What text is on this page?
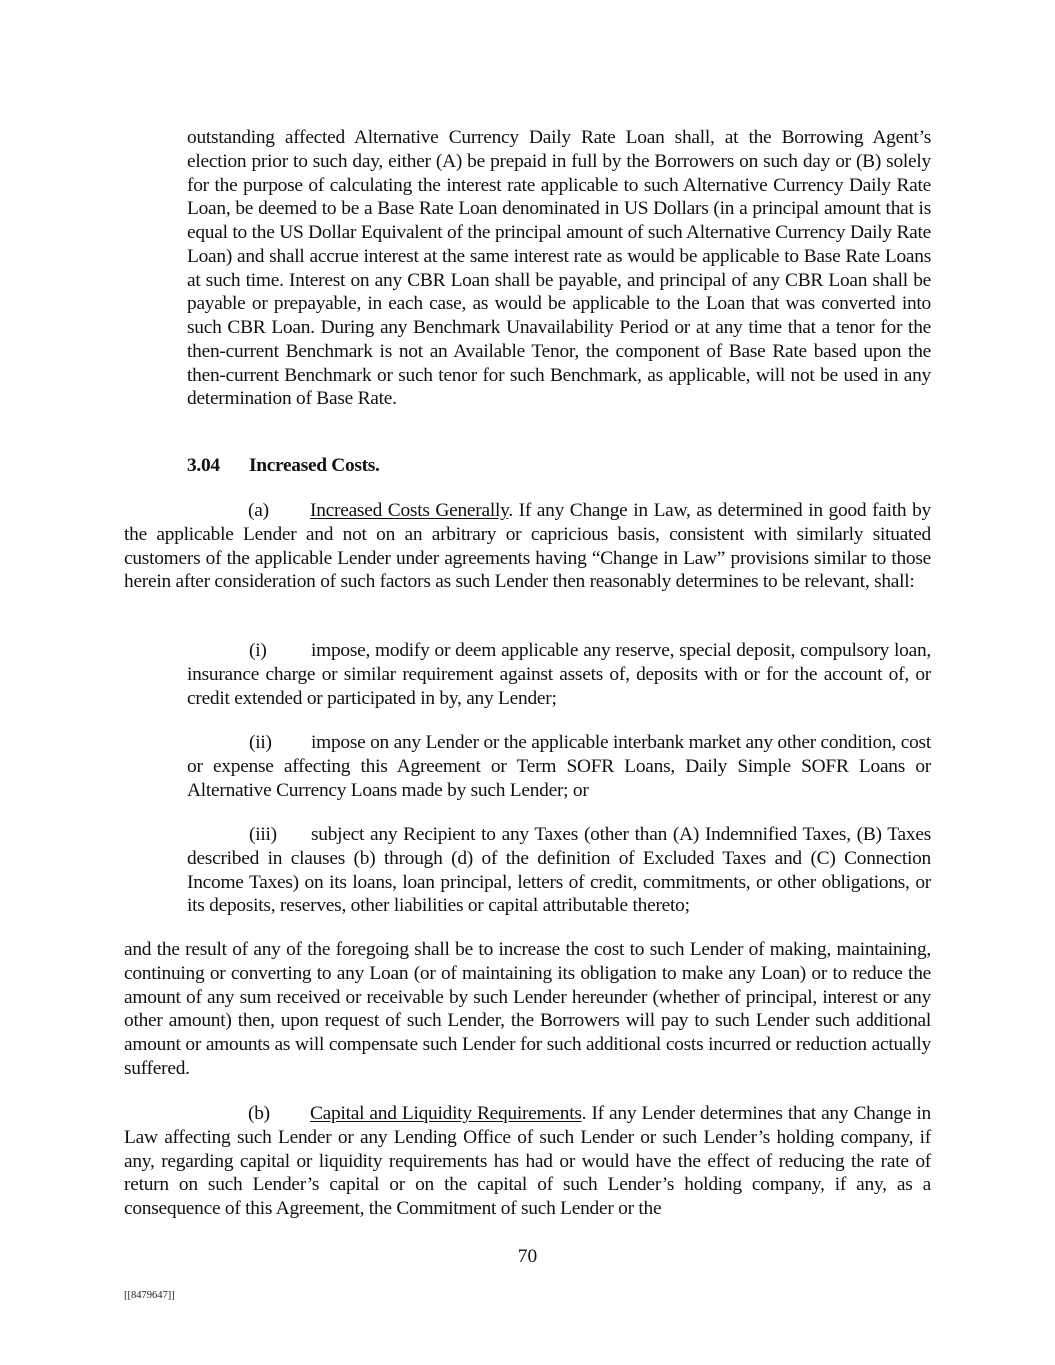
outstanding affected Alternative Currency Daily Rate Loan shall, at the Borrowing Agent’s election prior to such day, either (A) be prepaid in full by the Borrowers on such day or (B) solely for the purpose of calculating the interest rate applicable to such Alternative Currency Daily Rate Loan, be deemed to be a Base Rate Loan denominated in US Dollars (in a principal amount that is equal to the US Dollar Equivalent of the principal amount of such Alternative Currency Daily Rate Loan) and shall accrue interest at the same interest rate as would be applicable to Base Rate Loans at such time. Interest on any CBR Loan shall be payable, and principal of any CBR Loan shall be payable or prepayable, in each case, as would be applicable to the Loan that was converted into such CBR Loan. During any Benchmark Unavailability Period or at any time that a tenor for the then-current Benchmark is not an Available Tenor, the component of Base Rate based upon the then-current Benchmark or such tenor for such Benchmark, as applicable, will not be used in any determination of Base Rate.

3.04 Increased Costs.

(a) Increased Costs Generally. If any Change in Law, as determined in good faith by the applicable Lender and not on an arbitrary or capricious basis, consistent with similarly situated customers of the applicable Lender under agreements having “Change in Law” provisions similar to those herein after consideration of such factors as such Lender then reasonably determines to be relevant, shall:

(i) impose, modify or deem applicable any reserve, special deposit, compulsory loan, insurance charge or similar requirement against assets of, deposits with or for the account of, or credit extended or participated in by, any Lender;

(ii) impose on any Lender or the applicable interbank market any other condition, cost or expense affecting this Agreement or Term SOFR Loans, Daily Simple SOFR Loans or Alternative Currency Loans made by such Lender; or

(iii) subject any Recipient to any Taxes (other than (A) Indemnified Taxes, (B) Taxes described in clauses (b) through (d) of the definition of Excluded Taxes and (C) Connection Income Taxes) on its loans, loan principal, letters of credit, commitments, or other obligations, or its deposits, reserves, other liabilities or capital attributable thereto;

and the result of any of the foregoing shall be to increase the cost to such Lender of making, maintaining, continuing or converting to any Loan (or of maintaining its obligation to make any Loan) or to reduce the amount of any sum received or receivable by such Lender hereunder (whether of principal, interest or any other amount) then, upon request of such Lender, the Borrowers will pay to such Lender such additional amount or amounts as will compensate such Lender for such additional costs incurred or reduction actually suffered.

(b) Capital and Liquidity Requirements. If any Lender determines that any Change in Law affecting such Lender or any Lending Office of such Lender or such Lender’s holding company, if any, regarding capital or liquidity requirements has had or would have the effect of reducing the rate of return on such Lender’s capital or on the capital of such Lender’s holding company, if any, as a consequence of this Agreement, the Commitment of such Lender or the

70
[[8479647]]
